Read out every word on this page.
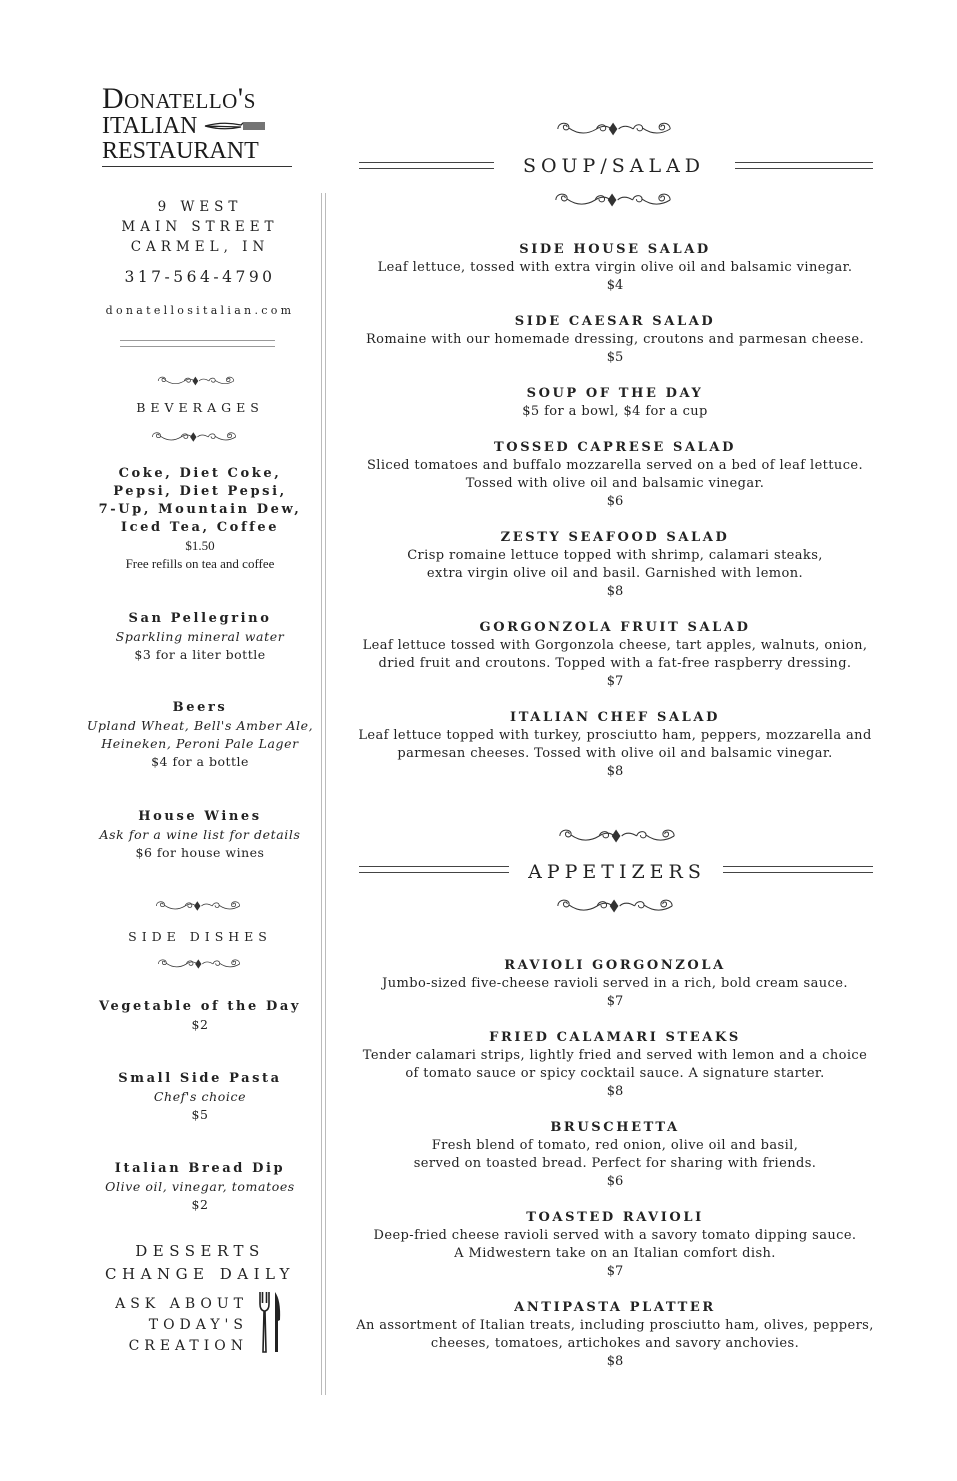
Donatello's
ITALIAN
RESTAURANT
9 WEST
MAIN STREET
CARMEL, IN
317-564-4790
donatellositalian.com
BEVERAGES
Coke, Diet Coke,
Pepsi, Diet Pepsi,
7-Up, Mountain Dew,
Iced Tea, Coffee
$1.50
Free refills on tea and coffee
San Pellegrino
Sparkling mineral water
$3 for a liter bottle
Beers
Upland Wheat, Bell's Amber Ale,
Heineken, Peroni Pale Lager
$4 for a bottle
House Wines
Ask for a wine list for details
$6 for house wines
SIDE DISHES
Vegetable of the Day
$2
Small Side Pasta
Chef's choice
$5
Italian Bread Dip
Olive oil, vinegar, tomatoes
$2
DESSERTS
CHANGE DAILY
ASK ABOUT
TODAY'S
CREATION
SOUP/SALAD
SIDE HOUSE SALAD
Leaf lettuce, tossed with extra virgin olive oil and balsamic vinegar.
$4
SIDE CAESAR SALAD
Romaine with our homemade dressing, croutons and parmesan cheese.
$5
SOUP OF THE DAY
$5 for a bowl, $4 for a cup
TOSSED CAPRESE SALAD
Sliced tomatoes and buffalo mozzarella served on a bed of leaf lettuce.
Tossed with olive oil and balsamic vinegar.
$6
ZESTY SEAFOOD SALAD
Crisp romaine lettuce topped with shrimp, calamari steaks,
extra virgin olive oil and basil. Garnished with lemon.
$8
GORGONZOLA FRUIT SALAD
Leaf lettuce tossed with Gorgonzola cheese, tart apples, walnuts, onion,
dried fruit and croutons. Topped with a fat-free raspberry dressing.
$7
ITALIAN CHEF SALAD
Leaf lettuce topped with turkey, prosciutto ham, peppers, mozzarella and
parmesan cheeses. Tossed with olive oil and balsamic vinegar.
$8
APPETIZERS
RAVIOLI GORGONZOLA
Jumbo-sized five-cheese ravioli served in a rich, bold cream sauce.
$7
FRIED CALAMARI STEAKS
Tender calamari strips, lightly fried and served with lemon and a choice
of tomato sauce or spicy cocktail sauce. A signature starter.
$8
BRUSCHETTA
Fresh blend of tomato, red onion, olive oil and basil,
served on toasted bread. Perfect for sharing with friends.
$6
TOASTED RAVIOLI
Deep-fried cheese ravioli served with a savory tomato dipping sauce.
A Midwestern take on an Italian comfort dish.
$7
ANTIPASTA PLATTER
An assortment of Italian treats, including prosciutto ham, olives, peppers,
cheeses, tomatoes, artichokes and savory anchovies.
$8
